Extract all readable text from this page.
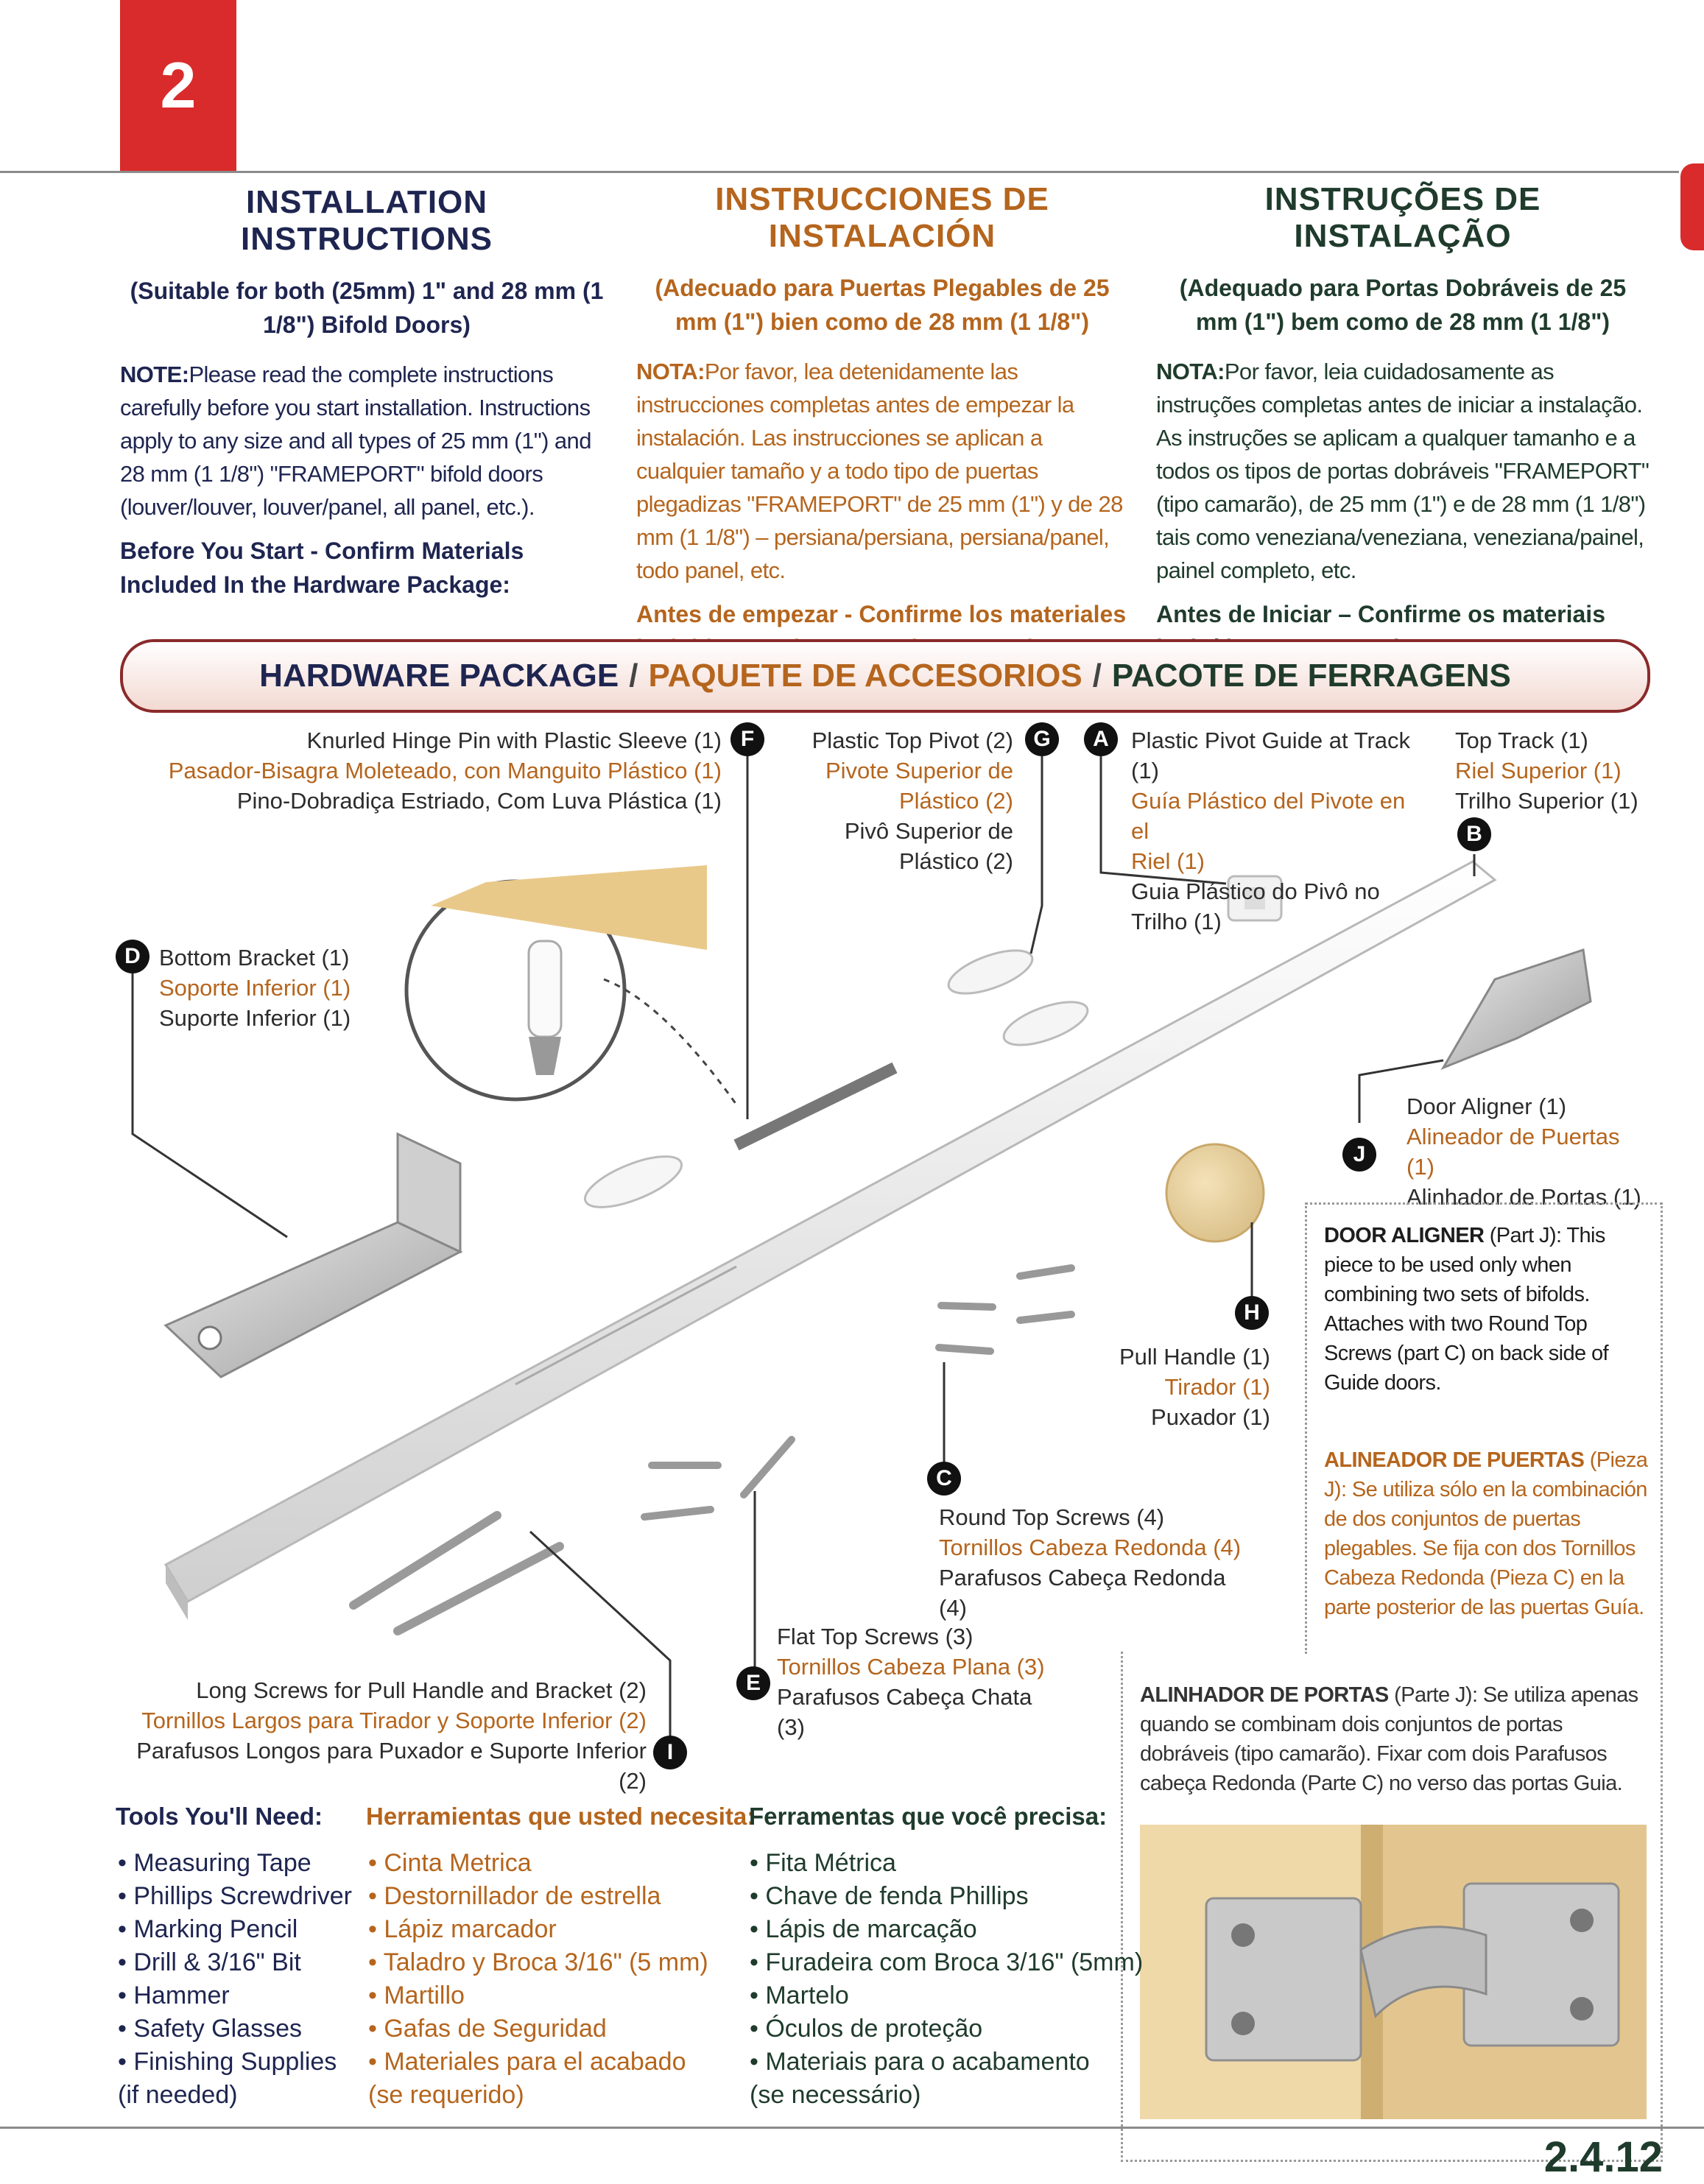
2
INSTALLATION INSTRUCTIONS
(Suitable for both (25mm) 1" and 28 mm (1 1/8") Bifold Doors)
NOTE:Please read the complete instructions carefully before you start installation. Instructions apply to any size and all types of 25 mm (1") and 28 mm (1 1/8") "FRAMEPORT" bifold doors (louver/louver, louver/panel, all panel, etc.).
Before You Start - Confirm Materials Included In the Hardware Package:
INSTRUCCIONES DE INSTALACIÓN
(Adecuado para Puertas Plegables de 25 mm (1") bien como de 28 mm (1 1/8")
NOTA:Por favor, lea detenidamente las instrucciones completas antes de empezar la instalación. Las instrucciones se aplican a cualquier tamaño y a todo tipo de puertas plegadizas "FRAMEPORT" de 25 mm (1") y de 28 mm (1 1/8") – persiana/persiana, persiana/panel, todo panel, etc.
Antes de empezar - Confirme los materiales
INSTRUÇÕES DE INSTALAÇÃO
(Adequado para Portas Dobráveis de 25 mm (1") bem como de 28 mm (1 1/8")
NOTA:Por favor, leia cuidadosamente as instruções completas antes de iniciar a instalação. As instruções se aplicam a qualquer tamanho e a todos os tipos de portas dobráveis "FRAMEPORT" (tipo camarão), de 25 mm (1") e de 28 mm (1 1/8") tais como veneziana/veneziana, veneziana/painel, painel completo, etc.
Antes de Iniciar – Confirme os materiais
HARDWARE PACKAGE / PAQUETE DE ACCESORIOS / PACOTE DE FERRAGENS
Knurled Hinge Pin with Plastic Sleeve (1)
Pasador-Bisagra Moleteado, con Manguito Plástico (1)
Pino-Dobradiça Estriado, Com Luva Plástica (1)
F	Plastic Top Pivot (2)
Pivote Superior de
Plástico (2)
Pivô Superior de
Plástico (2)
G	A Plastic Pivot Guide at Track (1)
Guía Plástico del Pivote en el
Riel (1)
Guia Plástico do Pivô no
Trilho (1)
Top Track (1)
Riel Superior (1)
Trilho Superior (1)
B
D Bottom Bracket (1)
Soporte Inferior (1)
Suporte Inferior (1)
Door Aligner (1)
Alineador de Puertas (1)
Alinhador de Portas (1)
J
H
Pull Handle (1)
Tirador (1)
Puxador (1)
C
Round Top Screws (4)
Tornillos Cabeza Redonda (4)
Parafusos Cabeça Redonda (4)
Flat Top Screws (3)
Tornillos Cabeza Plana (3)
Parafusos Cabeça Chata (3)
E
Long Screws for Pull Handle and Bracket (2)
Tornillos Largos para Tirador y Soporte Inferior (2)
Parafusos Longos para Puxador e Suporte Inferior (2)
I
DOOR ALIGNER (Part J): This piece to be used only when combining two sets of bifolds. Attaches with two Round Top Screws (part C) on back side of Guide doors.
ALINEADOR DE PUERTAS (Pieza J): Se utiliza sólo en la combinación de dos conjuntos de puertas plegables. Se fija con dos Tornillos Cabeza Redonda (Pieza C) en la parte posterior de las puertas Guía.
ALINHADOR DE PORTAS (Parte J): Se utiliza apenas quando se combinam dois conjuntos de portas dobráveis (tipo camarão). Fixar com dois Parafusos cabeça Redonda (Parte C) no verso das portas Guia.
Tools You'll Need:
• Measuring Tape
• Phillips Screwdriver
• Marking Pencil
• Drill & 3/16" Bit
• Hammer
• Safety Glasses
• Finishing Supplies
(if needed)
Herramientas que usted necesita:
• Cinta Metrica
• Destornillador de estrella
• Lápiz marcador
• Taladro y Broca 3/16" (5 mm)
• Martillo
• Gafas de Seguridad
• Materiales para el acabado
(se requerido)
Ferramentas que você precisa:
• Fita Métrica
• Chave de fenda Phillips
• Lápis de marcação
• Furadeira com Broca 3/16" (5mm)
• Martelo
• Óculos de proteção
• Materiais para o acabamento
(se necessário)
2.4.12
